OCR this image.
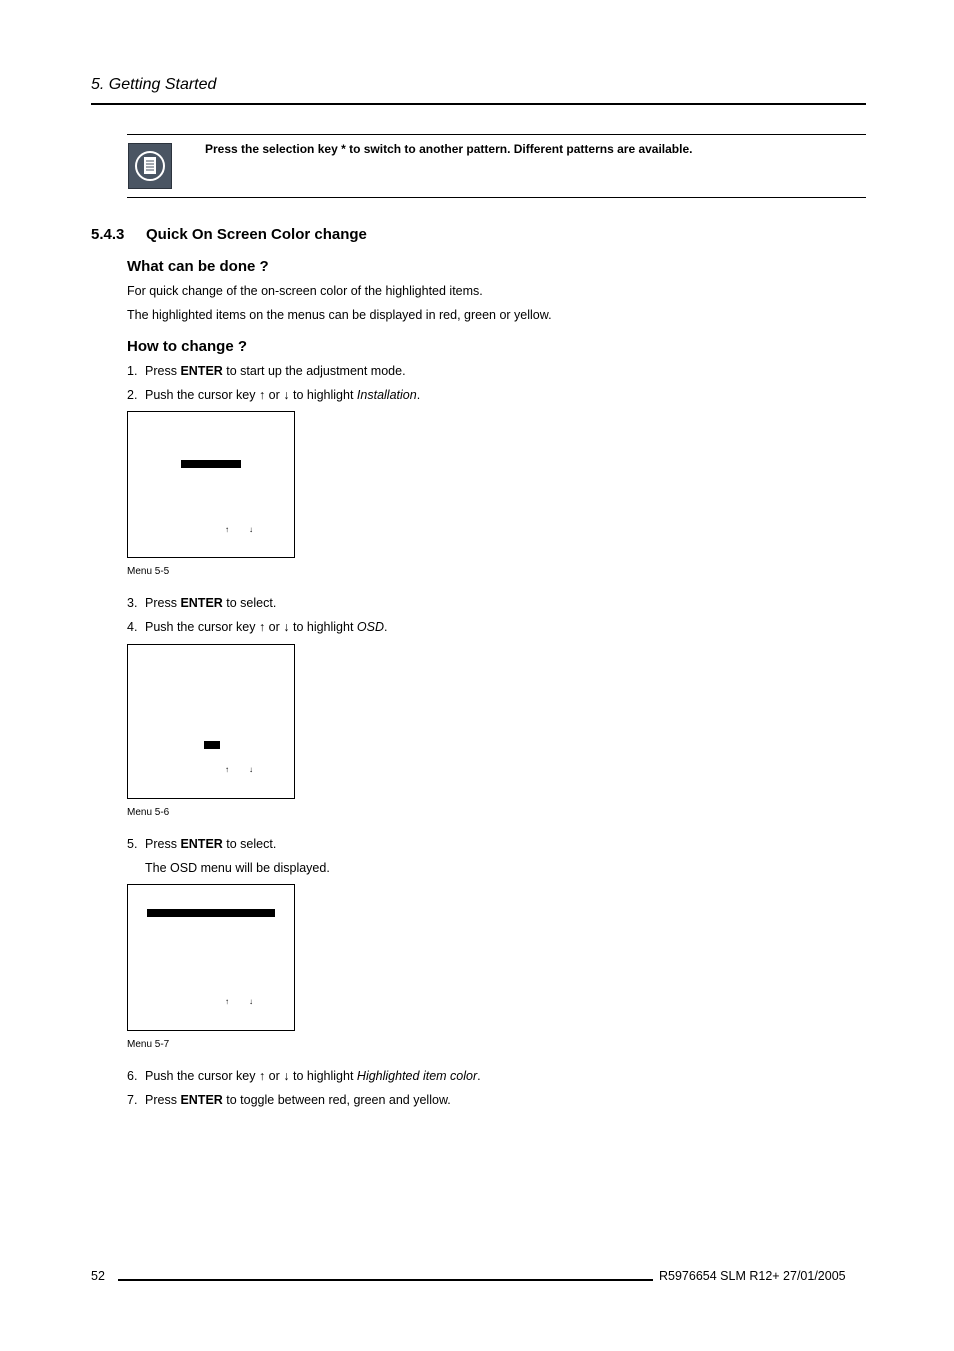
5. Getting Started
Press the selection key * to switch to another pattern. Different patterns are available.
5.4.3 Quick On Screen Color change
What can be done ?
For quick change of the on-screen color of the highlighted items.
The highlighted items on the menus can be displayed in red, green or yellow.
How to change ?
1. Press ENTER to start up the adjustment mode.
2. Push the cursor key ↑ or ↓ to highlight Installation.
↑	↓
Menu 5-5
3. Press ENTER to select.
4. Push the cursor key ↑ or ↓ to highlight OSD.
↑	↓
Menu 5-6
5. Press ENTER to select.
The OSD menu will be displayed.
↑	↓
Menu 5-7
6. Push the cursor key ↑ or ↓ to highlight Highlighted item color.
7. Press ENTER to toggle between red, green and yellow.
52	R5976654 SLM R12+ 27/01/2005
